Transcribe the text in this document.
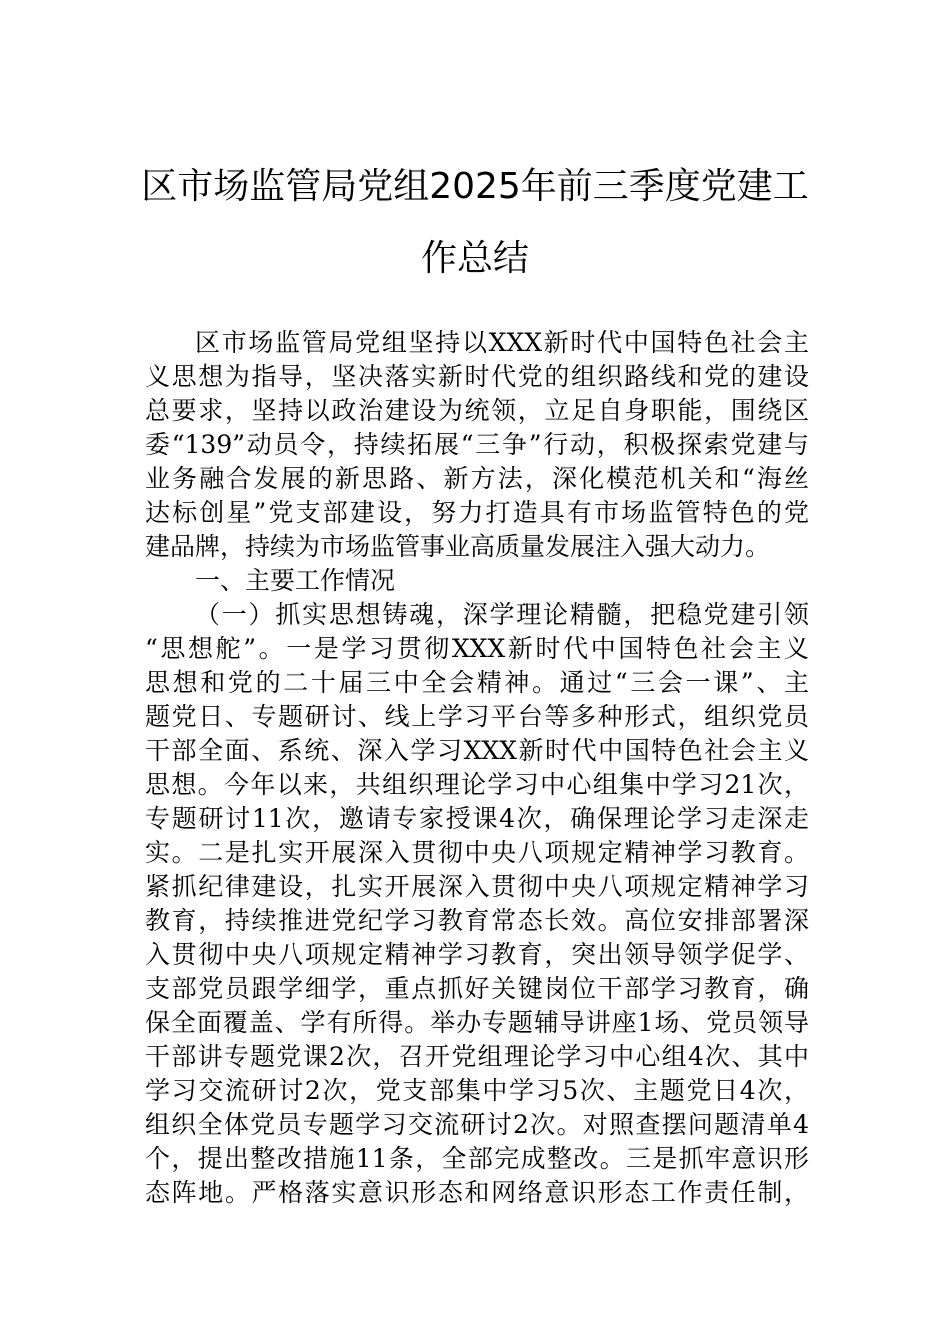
区市场监管局党组2025年前三季度党建工
作总结
区市场监管局党组坚持以XXX新时代中国特色社会主
义思想为指导，坚决落实新时代党的组织路线和党的建设
总要求，坚持以政治建设为统领，立足自身职能，围绕区
委“139”动员令，持续拓展“三争”行动，积极探索党建与
业务融合发展的新思路、新方法，深化模范机关和“海丝
达标创星”党支部建设，努力打造具有市场监管特色的党
建品牌，持续为市场监管事业高质量发展注入强大动力。
一、主要工作情况
（一）抓实思想铸魂，深学理论精髓，把稳党建引领
“思想舵”。一是学习贯彻XXX新时代中国特色社会主义
思想和党的二十届三中全会精神。通过“三会一课”、主
题党日、专题研讨、线上学习平台等多种形式，组织党员
干部全面、系统、深入学习XXX新时代中国特色社会主义
思想。今年以来，共组织理论学习中心组集中学习21次，
专题研讨11次，邀请专家授课4次，确保理论学习走深走
实。二是扎实开展深入贯彻中央八项规定精神学习教育。
紧抓纪律建设，扎实开展深入贯彻中央八项规定精神学习
教育，持续推进党纪学习教育常态长效。高位安排部署深
入贯彻中央八项规定精神学习教育，突出领导领学促学、
支部党员跟学细学，重点抓好关键岗位干部学习教育，确
保全面覆盖、学有所得。举办专题辅导讲座1场、党员领导
干部讲专题党课2次，召开党组理论学习中心组4次、其中
学习交流研讨2次，党支部集中学习5次、主题党日4次，
组织全体党员专题学习交流研讨2次。对照查摆问题清单4
个，提出整改措施11条，全部完成整改。三是抓牢意识形
态阵地。严格落实意识形态和网络意识形态工作责任制，
